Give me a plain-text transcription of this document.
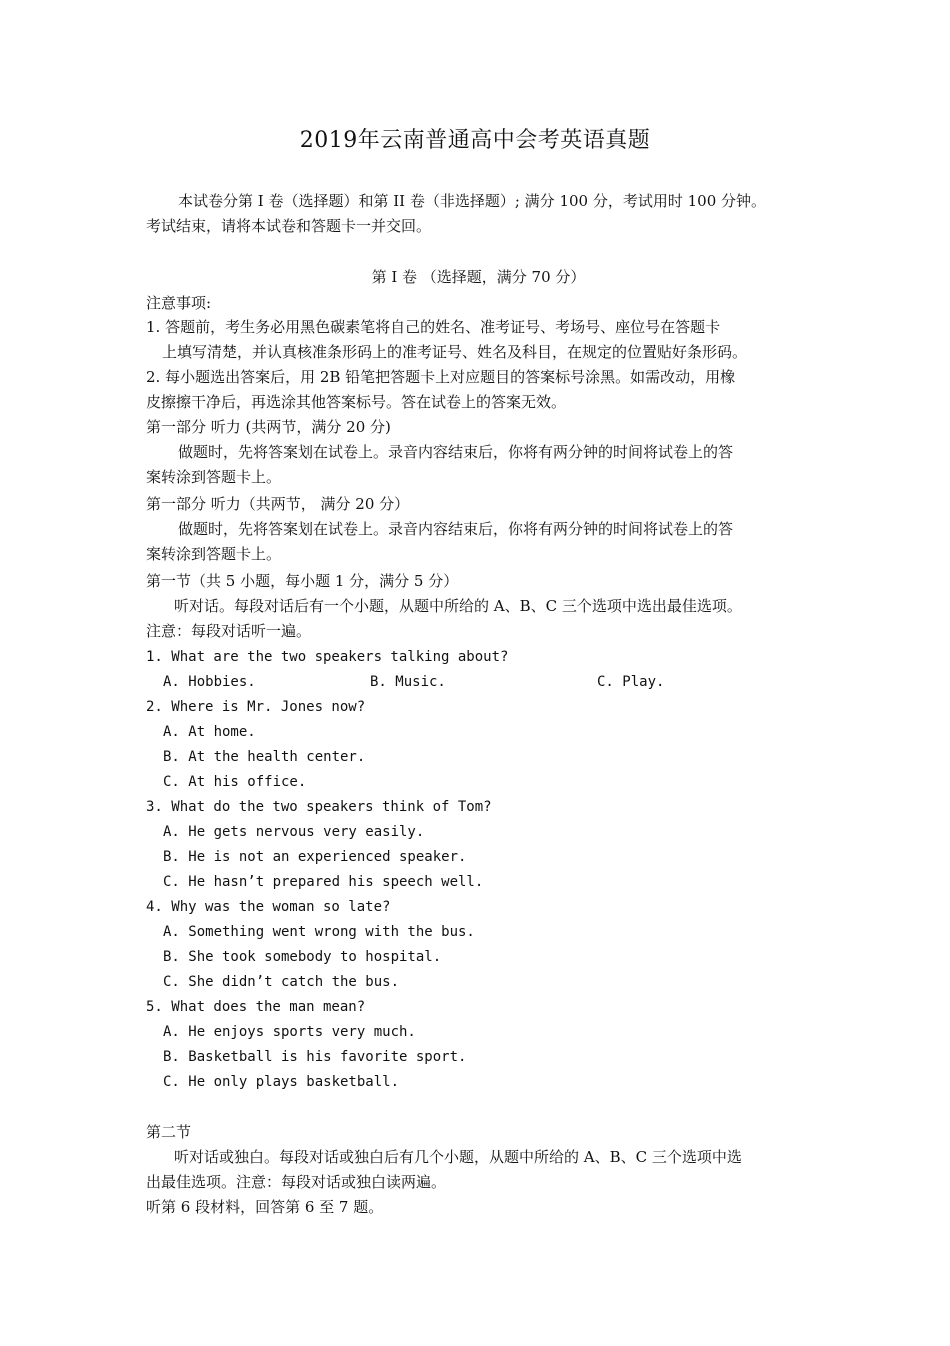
2019年云南普通高中会考英语真题
本试卷分第 I 卷（选择题）和第 II 卷（非选择题）; 满分 100 分，考试用时 100 分钟。
考试结束，请将本试卷和答题卡一并交回。
第 I 卷 （选择题，满分 70 分）
注意事项:
1. 答题前，考生务必用黑色碳素笔将自己的姓名、准考证号、考场号、座位号在答题卡
上填写清楚，并认真核准条形码上的准考证号、姓名及科目，在规定的位置贴好条形码。
2. 每小题选出答案后，用 2B 铅笔把答题卡上对应题目的答案标号涂黑。如需改动，用橡
皮擦擦干净后，再选涂其他答案标号。答在试卷上的答案无效。
第一部分 听力 (共两节，满分 20 分)
做题时，先将答案划在试卷上。录音内容结束后，你将有两分钟的时间将试卷上的答
案转涂到答题卡上。
第一部分 听力（共两节， 满分 20 分）
做题时，先将答案划在试卷上。录音内容结束后，你将有两分钟的时间将试卷上的答
案转涂到答题卡上。
第一节（共 5 小题，每小题 1 分，满分 5 分）
听对话。每段对话后有一个小题，从题中所给的 A、B、C 三个选项中选出最佳选项。
注意：每段对话听一遍。
1. What are the two speakers talking about?
A. Hobbies.	B. Music.	C. Play.
2. Where is Mr. Jones now?
A. At home.
B. At the health center.
C. At his office.
3. What do the two speakers think of Tom?
A. He gets nervous very easily.
B. He is not an experienced speaker.
C. He hasn’t prepared his speech well.
4. Why was the woman so late?
A. Something went wrong with the bus.
B. She took somebody to hospital.
C. She didn’t catch the bus.
5. What does the man mean?
A. He enjoys sports very much.
B. Basketball is his favorite sport.
C. He only plays basketball.
第二节
听对话或独白。每段对话或独白后有几个小题，从题中所给的 A、B、C 三个选项中选
出最佳选项。注意：每段对话或独白读两遍。
听第 6 段材料，回答第 6 至 7 题。
